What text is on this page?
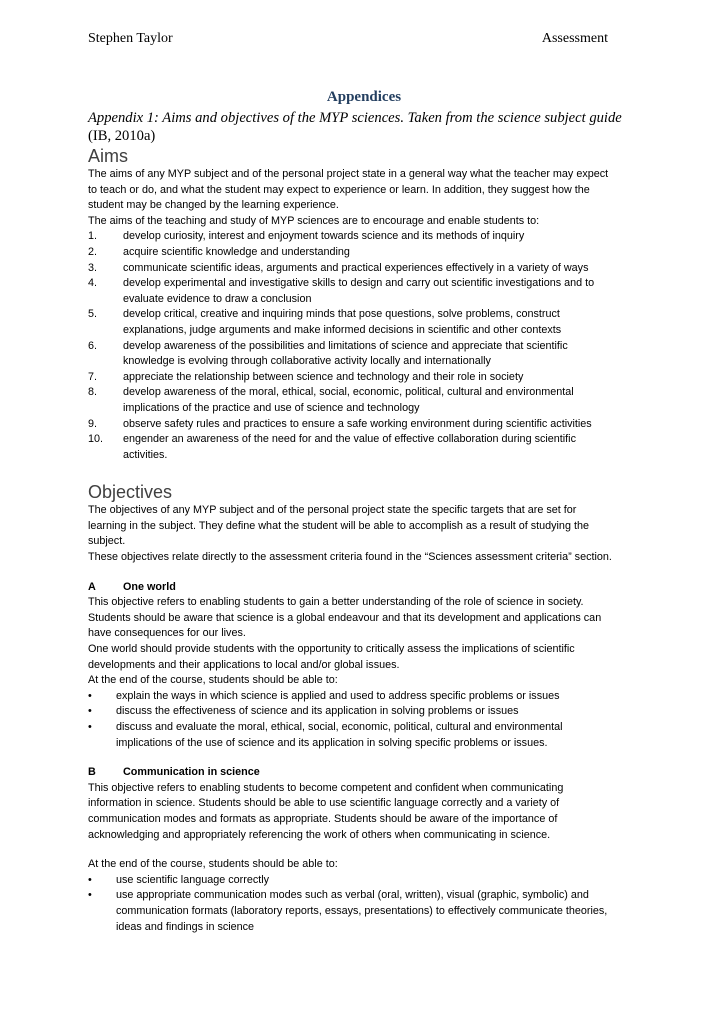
Stephen Taylor	Assessment
Appendices
Appendix 1: Aims and objectives of the MYP sciences. Taken from the science subject guide
(IB, 2010a)
Aims
The aims of any MYP subject and of the personal project state in a general way what the teacher may expect
to teach or do, and what the student may expect to experience or learn. In addition, they suggest how the
student may be changed by the learning experience.
The aims of the teaching and study of MYP sciences are to encourage and enable students to:
1.	develop curiosity, interest and enjoyment towards science and its methods of inquiry
2.	acquire scientific knowledge and understanding
3.	communicate scientific ideas, arguments and practical experiences effectively in a variety of ways
4.	develop experimental and investigative skills to design and carry out scientific investigations and to
evaluate evidence to draw a conclusion
5.	develop critical, creative and inquiring minds that pose questions, solve problems, construct
explanations, judge arguments and make informed decisions in scientific and other contexts
6.	develop awareness of the possibilities and limitations of science and appreciate that scientific
knowledge is evolving through collaborative activity locally and internationally
7.	appreciate the relationship between science and technology and their role in society
8.	develop awareness of the moral, ethical, social, economic, political, cultural and environmental
implications of the practice and use of science and technology
9.	observe safety rules and practices to ensure a safe working environment during scientific activities
10.	engender an awareness of the need for and the value of effective collaboration during scientific
activities.
Objectives
The objectives of any MYP subject and of the personal project state the specific targets that are set for
learning in the subject. They define what the student will be able to accomplish as a result of studying the
subject.
These objectives relate directly to the assessment criteria found in the “Sciences assessment criteria” section.
A	One world
This objective refers to enabling students to gain a better understanding of the role of science in society.
Students should be aware that science is a global endeavour and that its development and applications can
have consequences for our lives.
One world should provide students with the opportunity to critically assess the implications of scientific
developments and their applications to local and/or global issues.
At the end of the course, students should be able to:
•	explain the ways in which science is applied and used to address specific problems or issues
•	discuss the effectiveness of science and its application in solving problems or issues
•	discuss and evaluate the moral, ethical, social, economic, political, cultural and environmental
implications of the use of science and its application in solving specific problems or issues.
B	Communication in science
This objective refers to enabling students to become competent and confident when communicating
information in science. Students should be able to use scientific language correctly and a variety of
communication modes and formats as appropriate. Students should be aware of the importance of
acknowledging and appropriately referencing the work of others when communicating in science.
At the end of the course, students should be able to:
•	use scientific language correctly
•	use appropriate communication modes such as verbal (oral, written), visual (graphic, symbolic) and
communication formats (laboratory reports, essays, presentations) to effectively communicate theories,
ideas and findings in science
